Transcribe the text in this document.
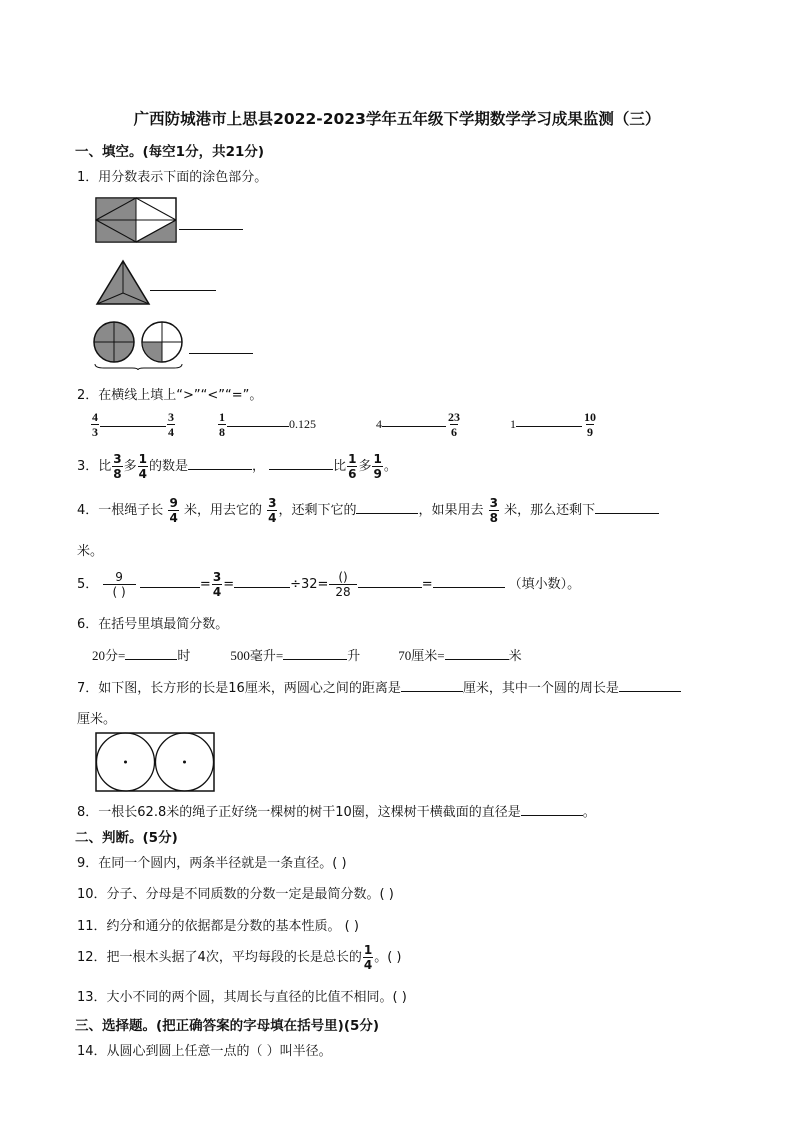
广西防城港市上思县2022-2023学年五年级下学期数学学习成果监测（三）
一、填空。(每空1分，共21分)
1．用分数表示下面的涂色部分。
2．在横线上填上“>”“<”“=”。
$\frac{4}{3}$	$\frac{3}{4}$	$\frac{1}{8}$	0.125	4	$\frac{23}{6}$	1	$\frac{10}{9}$
3．比 $\frac{3}{8}$ 多 $\frac{1}{4}$ 的数是	，	比 $\frac{1}{6}$ 多 $\frac{1}{9}$ 。
4．一根绳子长 $\frac{9}{4}$ 米，用去它的 $\frac{3}{4}$ ，还剩下它的	，如果用去 $\frac{3}{8}$ 米，那么还剩下
米。
5． $\frac{9}{( )}$	= $\frac{3}{4}$ =	$\div 32= \frac{()}{28}$	=	（填小数）。
6．在括号里填最简分数。
20分=	时	500毫升=	升	70厘米=	米
7．如下图，长方形的长是16厘米，两圆心之间的距离是	厘米，其中一个圆的周长是
厘米。
8．一根长62.8米的绳子正好绕一棵树的树干10圈，这棵树干横截面的直径是	。
二、判断。(5分)
9．在同一个圆内，两条半径就是一条直径。( )
10．分子、分母是不同质数的分数一定是最简分数。( )
11．约分和通分的依据都是分数的基本性质。 ( )
12．把一根木头据了4次，平均每段的长是总长的 $\frac{1}{4}$ 。( )
13．大小不同的两个圆，其周长与直径的比值不相同。( )
三、选择题。(把正确答案的字母填在括号里)(5分)
14．从圆心到圆上任意一点的（ ）叫半径。
